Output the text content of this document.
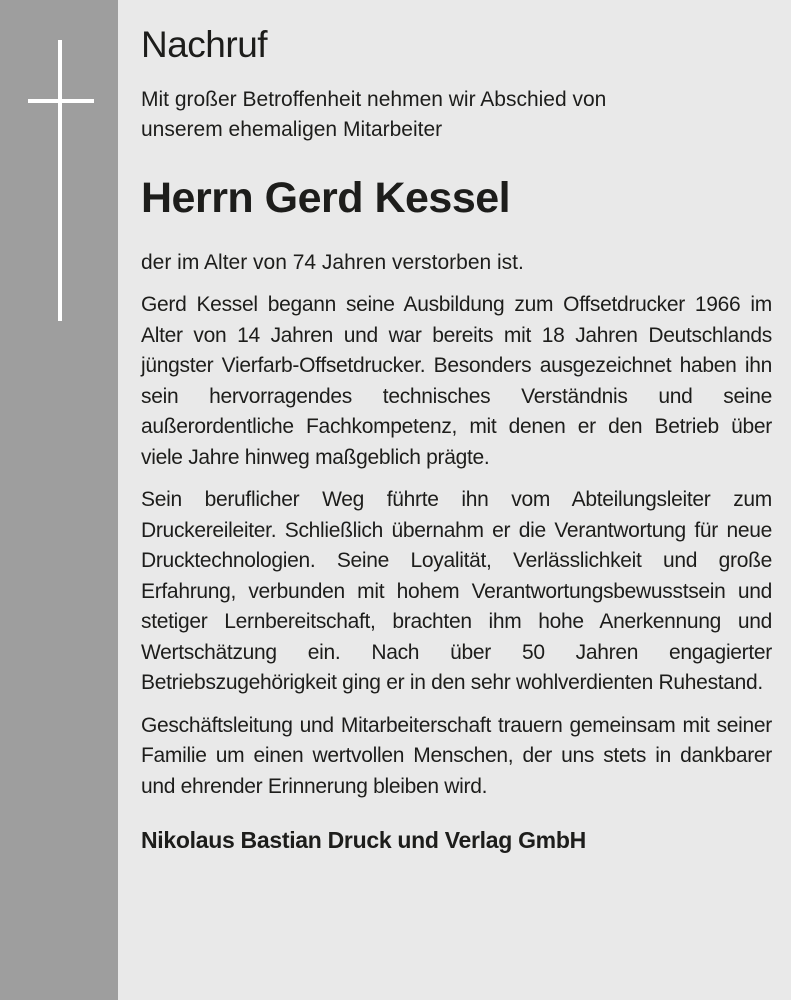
Nachruf

Mit großer Betroffenheit nehmen wir Abschied von
unserem ehemaligen Mitarbeiter

Herrn Gerd Kessel

der im Alter von 74 Jahren verstorben ist.

Gerd Kessel begann seine Ausbildung zum Offsetdrucker 1966 im Alter von 14 Jahren und war bereits mit 18 Jahren Deutschlands jüngster Vierfarb-Offsetdrucker. Besonders ausgezeichnet haben ihn sein hervorragendes technisches Verständnis und seine außerordentliche Fachkompetenz, mit denen er den Betrieb über viele Jahre hinweg maßgeblich prägte.

Sein beruflicher Weg führte ihn vom Abteilungsleiter zum Druckereileiter. Schließlich übernahm er die Verantwortung für neue Drucktechnologien. Seine Loyalität, Verlässlichkeit und große Erfahrung, verbunden mit hohem Verantwortungsbewusstsein und stetiger Lernbereitschaft, brachten ihm hohe Anerkennung und Wertschätzung ein. Nach über 50 Jahren engagierter Betriebszugehörigkeit ging er in den sehr wohlverdienten Ruhestand.

Geschäftsleitung und Mitarbeiterschaft trauern gemeinsam mit seiner Familie um einen wertvollen Menschen, der uns stets in dankbarer und ehrender Erinnerung bleiben wird.

Nikolaus Bastian Druck und Verlag GmbH
